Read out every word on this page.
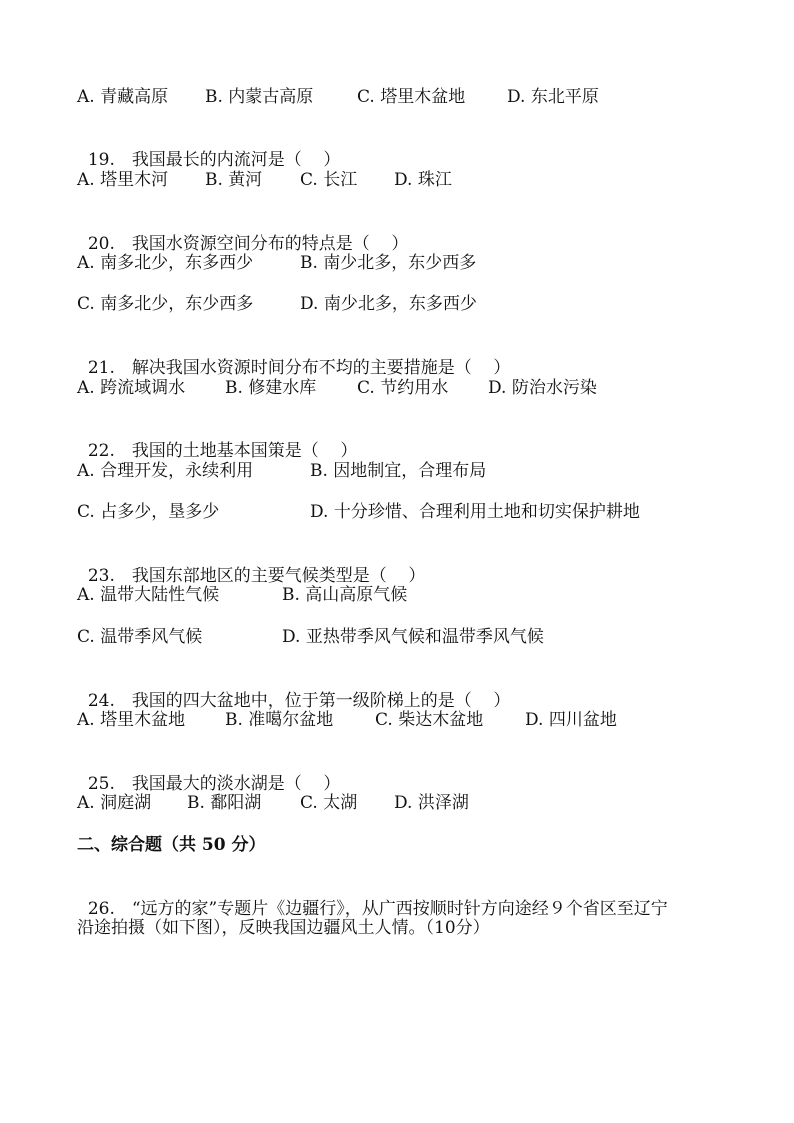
A. 青藏高原 B. 内蒙古高原	C. 塔里木盆地 D. 东北平原

19. 我国最长的内流河是（    ）

A. 塔里木河 B. 黄河 C. 长江 D. 珠江

20. 我国水资源空间分布的特点是（    ）

A. 南多北少，东多西少	B. 南少北多，东少西多
C. 南多北少，东少西多	D. 南少北多，东多西少

21. 解决我国水资源时间分布不均的主要措施是（    ）

A. 跨流域调水 B. 修建水库 C. 节约用水 D. 防治水污染

22. 我国的土地基本国策是（    ）

A. 合理开发，永续利用	B. 因地制宜，合理布局
C. 占多少，垦多少	D. 十分珍惜、合理利用土地和切实保护耕地

23. 我国东部地区的主要气候类型是（    ）

A. 温带大陆性气候	B. 高山高原气候
C. 温带季风气候	D. 亚热带季风气候和温带季风气候

24. 我国的四大盆地中，位于第一级阶梯上的是（    ）

A. 塔里木盆地 B. 准噶尔盆地 C. 柴达木盆地 D. 四川盆地

25. 我国最大的淡水湖是（    ）

A. 洞庭湖 B. 鄱阳湖 C. 太湖 D. 洪泽湖
二、综合题（共 50 分）

26. “远方的家”专题片《边疆行》，从广西按顺时针方向途经９个省区至辽宁

沿途拍摄（如下图），反映我国边疆风土人情。（10分）
